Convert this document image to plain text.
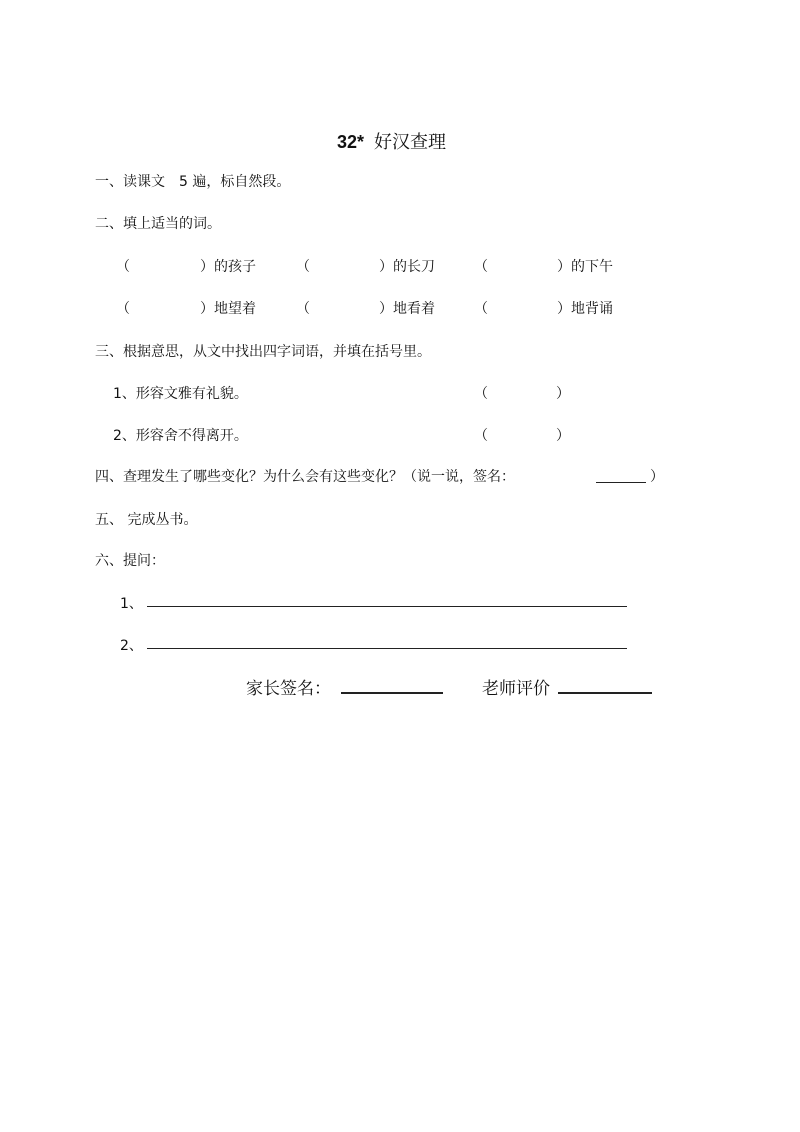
32* 好汉查理
一、读课文　5 遍，标自然段。
二、填上适当的词。
（	）的孩子	（	）的长刀	（	）的下午
（	）地望着	（	）地看着	（	）地背诵
三、根据意思，从文中找出四字词语，并填在括号里。
1、形容文雅有礼貌。	（	）
2、形容舍不得离开。	（	）
四、查理发生了哪些变化？为什么会有这些变化？（说一说，签名：	）
五、 完成丛书。
六、提问：
1、
2、
家长签名：	老师评价
